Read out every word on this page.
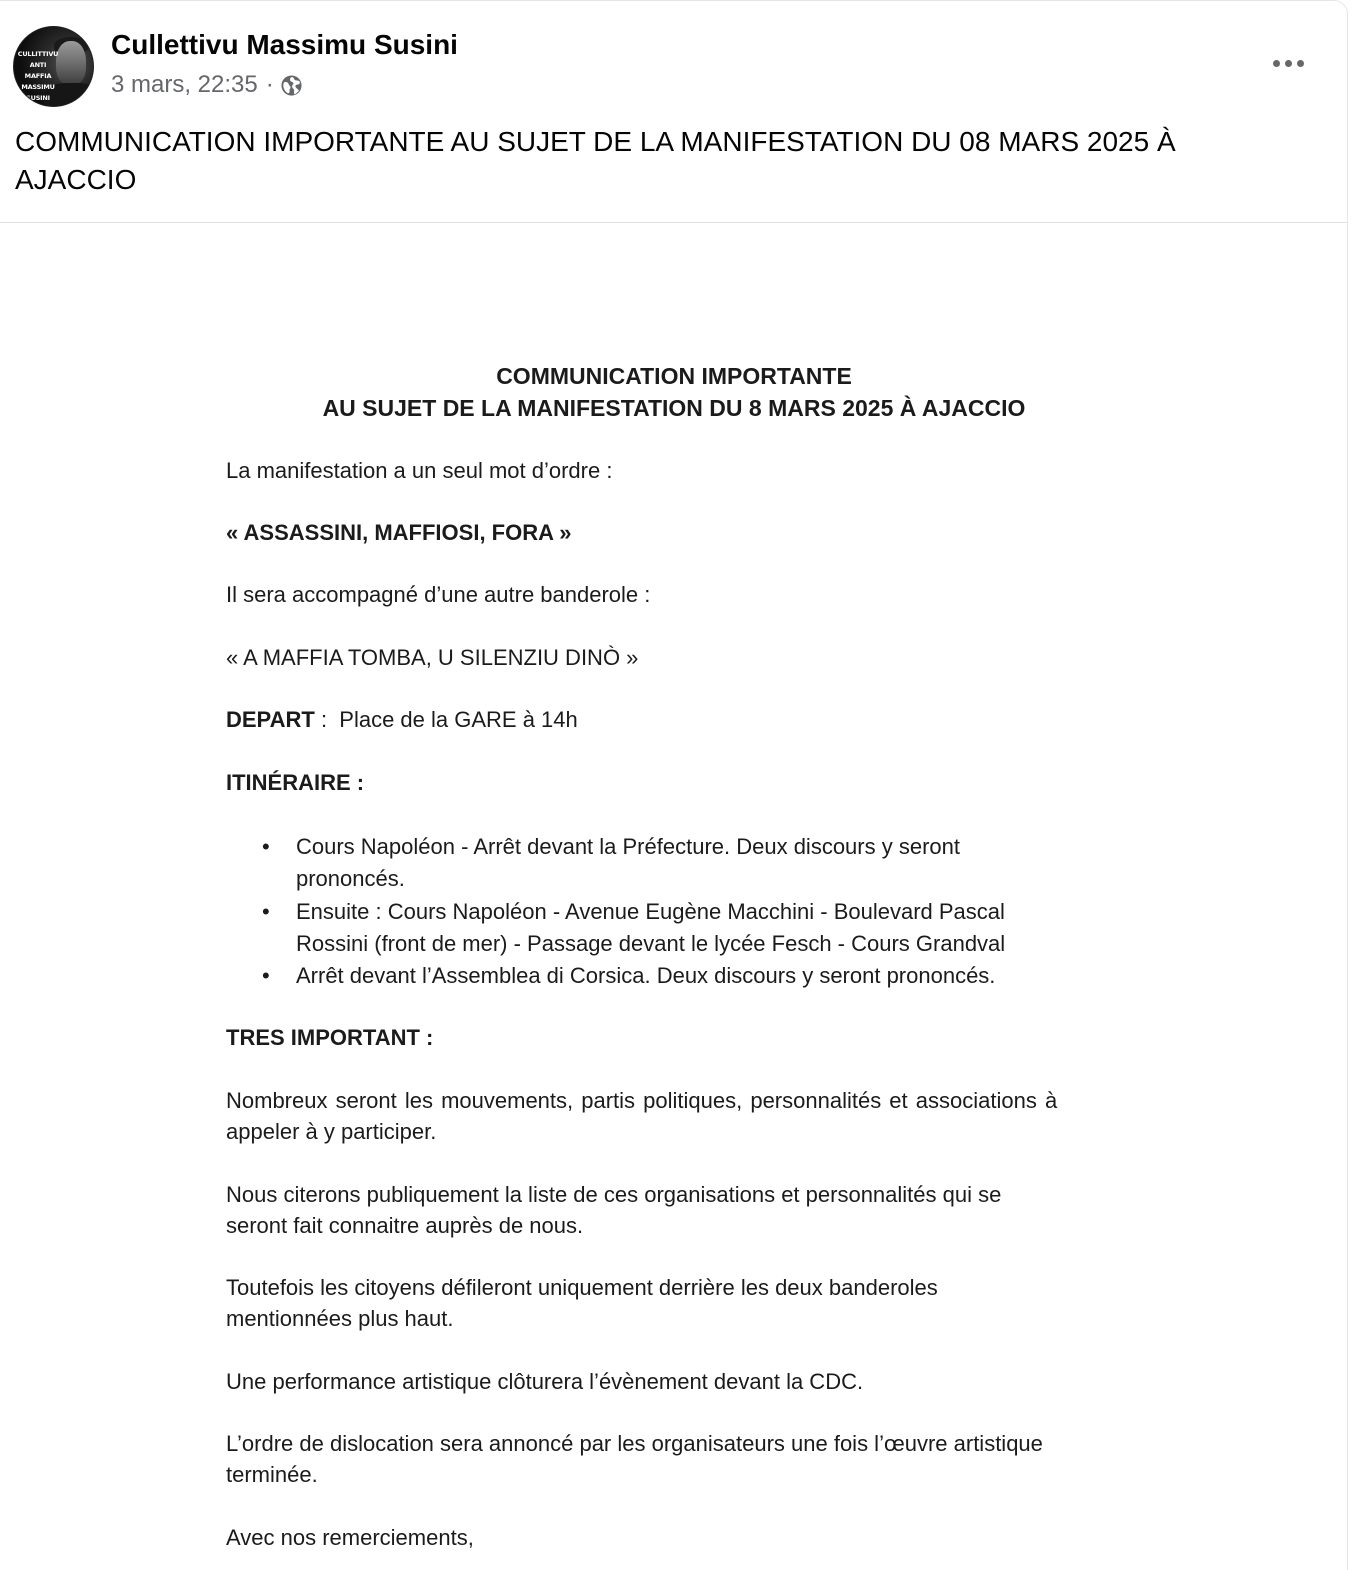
CULLITTIVU
ANTI MAFFIA
MASSIMU
SUSINI
Cullettivu Massimu Susini
3 mars, 22:35 ·
COMMUNICATION IMPORTANTE AU SUJET DE LA MANIFESTATION DU 08 MARS 2025 À
AJACCIO
COMMUNICATION IMPORTANTE
AU SUJET DE LA MANIFESTATION DU 8 MARS 2025 À AJACCIO
La manifestation a un seul mot d’ordre :
« ASSASSINI, MAFFIOSI, FORA »
Il sera accompagné d’une autre banderole :
« A MAFFIA TOMBA, U SILENZIU DINÒ »
DEPART :  Place de la GARE à 14h
ITINÉRAIRE :
• Cours Napoléon - Arrêt devant la Préfecture. Deux discours y seront
prononcés.
• Ensuite : Cours Napoléon - Avenue Eugène Macchini - Boulevard Pascal
Rossini (front de mer) - Passage devant le lycée Fesch - Cours Grandval
• Arrêt devant l’Assemblea di Corsica. Deux discours y seront prononcés.
TRES IMPORTANT :
Nombreux seront les mouvements, partis politiques, personnalités et associations à
appeler à y participer.
Nous citerons publiquement la liste de ces organisations et personnalités qui se
seront fait connaitre auprès de nous.
Toutefois les citoyens défileront uniquement derrière les deux banderoles
mentionnées plus haut.
Une performance artistique clôturera l’évènement devant la CDC.
L’ordre de dislocation sera annoncé par les organisateurs une fois l’œuvre artistique
terminée.
Avec nos remerciements,
